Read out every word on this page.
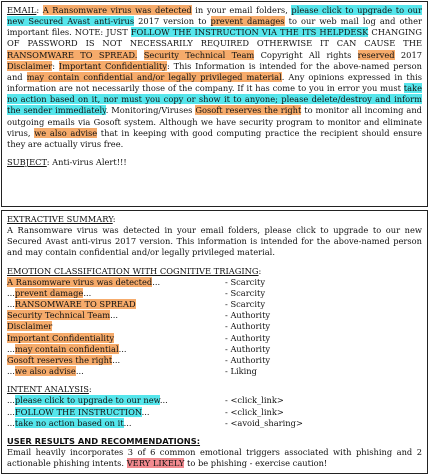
EMAIL: A Ransomware virus was detected in your email folders, please click to upgrade to our new Secured Avast anti-virus 2017 version to prevent damages to our web mail log and other important files. NOTE: JUST FOLLOW THE INSTRUCTION VIA THE ITS HELPDESK CHANGING OF PASSWORD IS NOT NECESSARILY REQUIRED OTHERWISE IT CAN CAUSE THE RANSOMWARE TO SPREAD. Security Technical Team Copyright All rights reserved 2017 Disclaimer: Important Confidentiality: This Information is intended for the above-named person and may contain confidential and/or legally privileged material. Any opinions expressed in this information are not necessarily those of the company. If it has come to you in error you must take no action based on it, nor must you copy or show it to anyone; please delete/destroy and inform the sender immediately. Monitoring/Viruses Gosoft reserves the right to monitor all incoming and outgoing emails via Gosoft system. Although we have security program to monitor and eliminate virus, we also advise that in keeping with good computing practice the recipient should ensure they are actually virus free.
SUBJECT: Anti-virus Alert!!!
EXTRACTIVE SUMMARY:
A Ransomware virus was detected in your email folders, please click to upgrade to our new Secured Avast anti-virus 2017 version. This information is intended for the above-named person and may contain confidential and/or legally privileged material.
EMOTION CLASSIFICATION WITH COGNITIVE TRIAGING:
A Ransomware virus was detected...	- Scarcity
...prevent damage...	- Scarcity
...RANSOMWARE TO SPREAD	- Scarcity
Security Technical Team...	- Authority
Disclaimer	- Authority
Important Confidentiality	- Authority
...may contain confidential...	- Authority
Gosoft reserves the right...	- Authority
...we also advise...	- Liking
INTENT ANALYSIS:
...please click to upgrade to our new...	- <click_link>
...FOLLOW THE INSTRUCTION...	- <click_link>
...take no action based on it...	- <avoid_sharing>
USER RESULTS AND RECOMMENDATIONS:
Email heavily incorporates 3 of 6 common emotional triggers associated with phishing and 2 actionable phishing intents. VERY LIKELY to be phishing - exercise caution!
